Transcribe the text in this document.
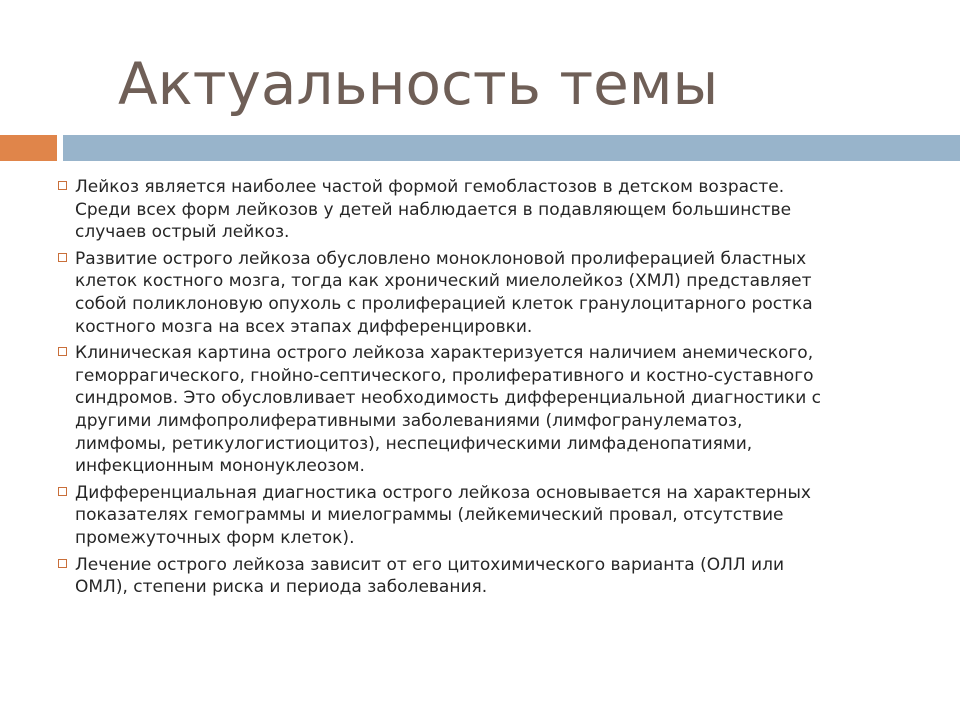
Актуальность темы
Лейкоз является наиболее частой формой гемобластозов в детском возрасте. Среди всех форм лейкозов у детей наблюдается в подавляющем большинстве случаев острый лейкоз.
Развитие острого лейкоза обусловлено моноклоновой пролиферацией бластных клеток костного мозга, тогда как хронический миелолейкоз (ХМЛ) представляет собой поликлоновую опухоль с пролиферацией клеток гранулоцитарного ростка костного мозга на всех этапах дифференцировки.
Клиническая картина острого лейкоза характеризуется наличием анемического, геморрагического, гнойно-септического, пролиферативного и костно-суставного синдромов. Это обусловливает необходимость дифференциальной диагностики с другими лимфопролиферативными заболеваниями (лимфогранулематоз, лимфомы, ретикулогистиоцитоз), неспецифическими лимфаденопатиями, инфекционным мононуклеозом.
Дифференциальная диагностика острого лейкоза основывается на характерных показателях гемограммы и миелограммы (лейкемический провал, отсутствие промежуточных форм клеток).
Лечение острого лейкоза зависит от его цитохимического варианта (ОЛЛ или ОМЛ), степени риска и периода заболевания.
